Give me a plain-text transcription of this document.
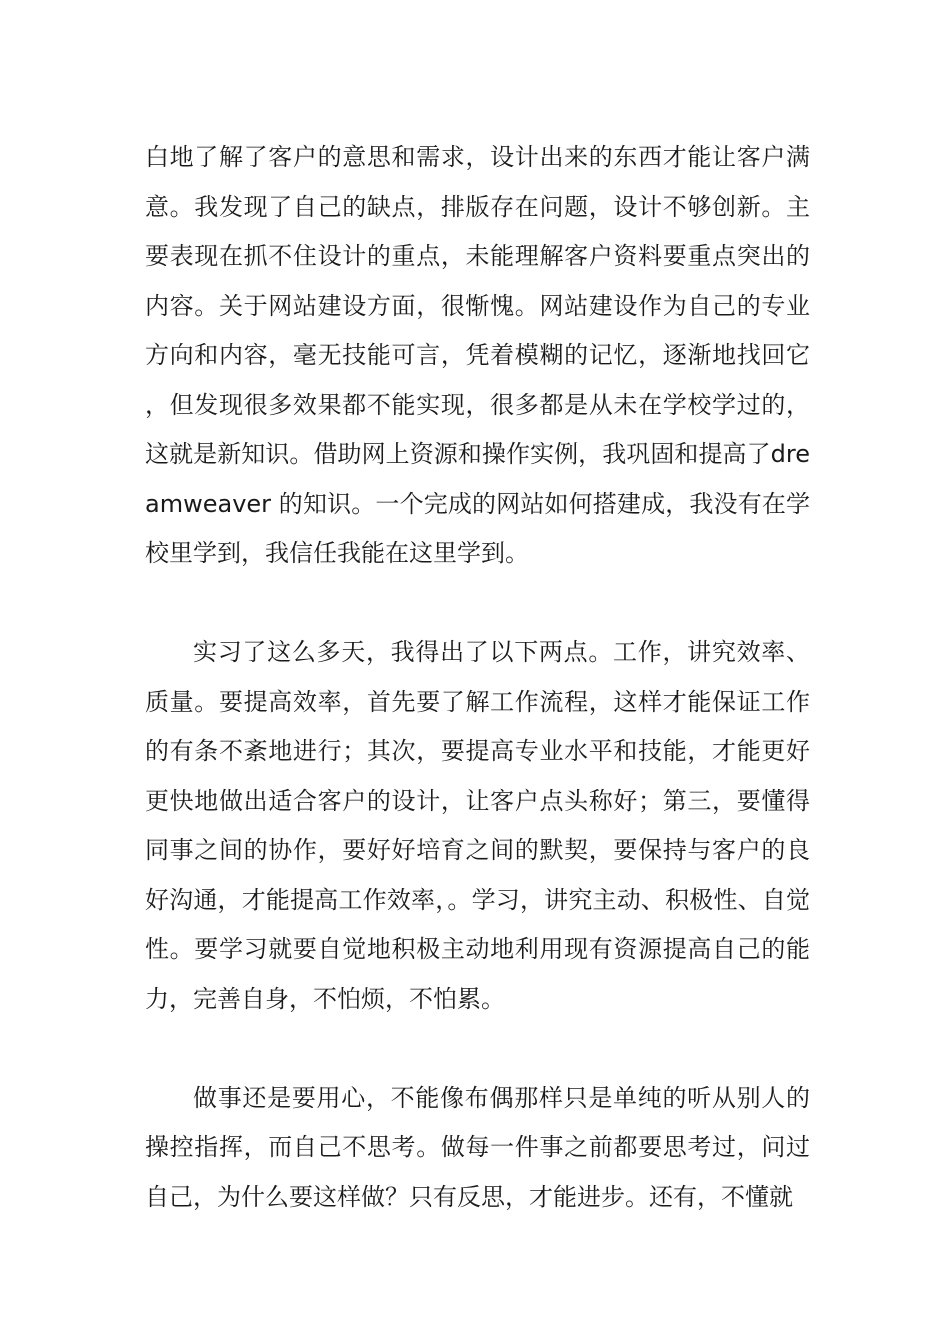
白地了解了客户的意思和需求，设计出来的东西才能让客户满意。我发现了自己的缺点，排版存在问题，设计不够创新。主要表现在抓不住设计的重点，未能理解客户资料要重点突出的内容。关于网站建设方面，很惭愧。网站建设作为自己的专业方向和内容，毫无技能可言，凭着模糊的记忆，逐渐地找回它，但发现很多效果都不能实现，很多都是从未在学校学过的，这就是新知识。借助网上资源和操作实例，我巩固和提高了dreamweaver 的知识。一个完成的网站如何搭建成，我没有在学校里学到，我信任我能在这里学到。

实习了这么多天，我得出了以下两点。工作，讲究效率、质量。要提高效率，首先要了解工作流程，这样才能保证工作的有条不紊地进行；其次，要提高专业水平和技能，才能更好更快地做出适合客户的设计，让客户点头称好；第三，要懂得同事之间的协作，要好好培育之间的默契，要保持与客户的良好沟通，才能提高工作效率，。学习，讲究主动、积极性、自觉性。要学习就要自觉地积极主动地利用现有资源提高自己的能力，完善自身，不怕烦，不怕累。

做事还是要用心，不能像布偶那样只是单纯的听从别人的操控指挥，而自己不思考。做每一件事之前都要思考过，问过自己，为什么要这样做？只有反思，才能进步。还有，不懂就
